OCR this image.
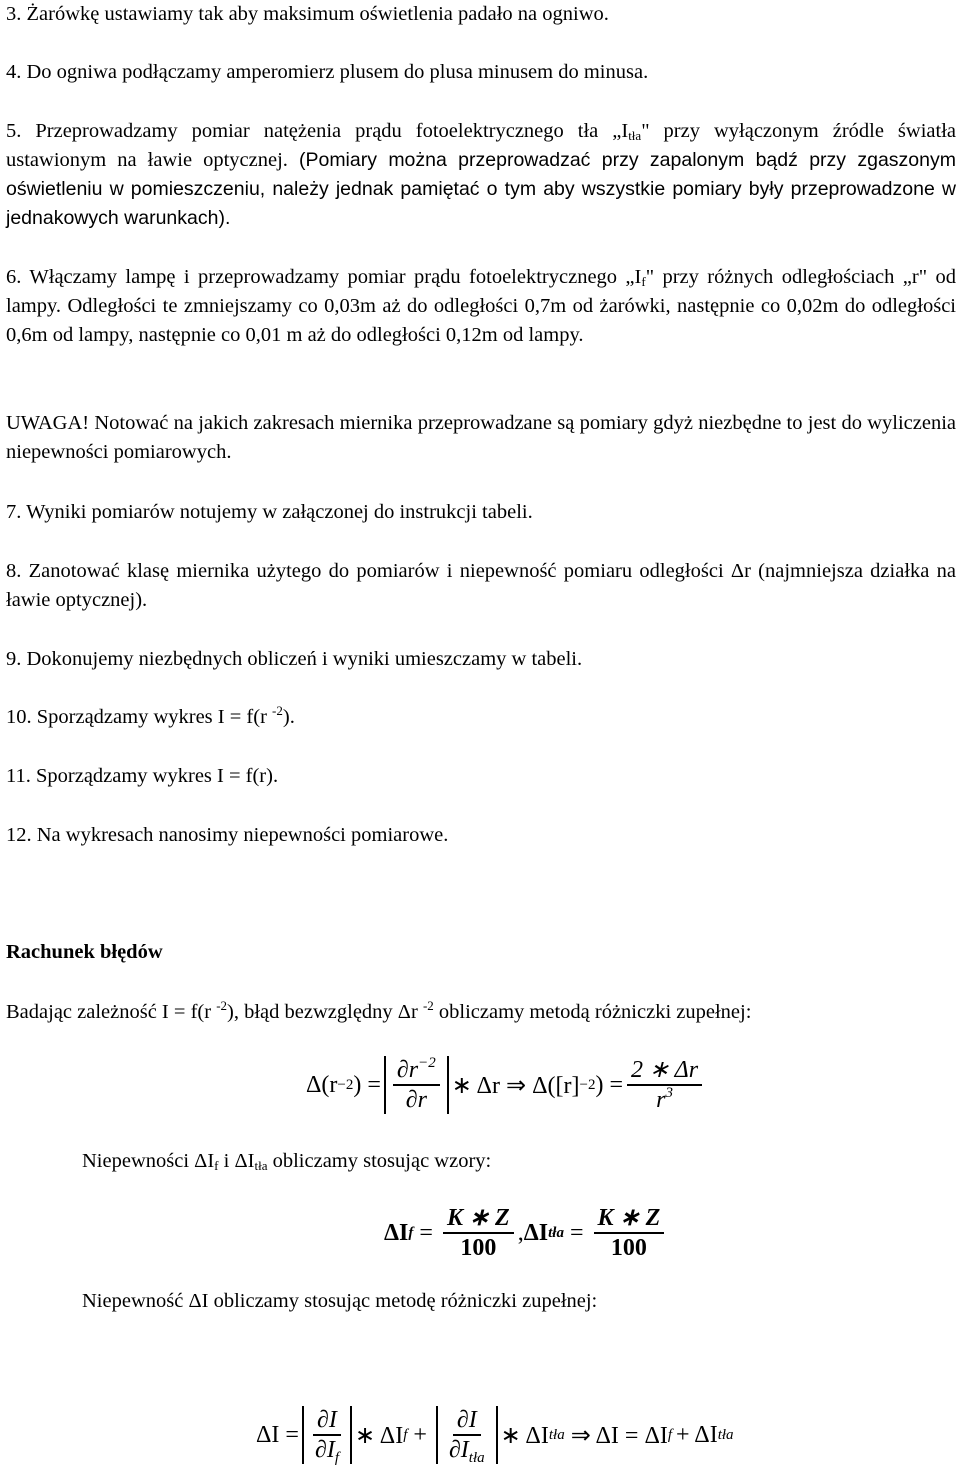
3. Żarówkę ustawiamy tak aby maksimum oświetlenia padało na ogniwo.

4. Do ogniwa podłączamy amperomierz plusem do plusa minusem do minusa.

5. Przeprowadzamy pomiar natężenia prądu fotoelektrycznego tła $„I_{tła}$" przy wyłączonym źródle światła ustawionym na ławie optycznej. (Pomiary można przeprowadzać przy zapalonym bądź przy zgaszonym oświetleniu w pomieszczeniu, należy jednak pamiętać o tym aby wszystkie pomiary były przeprowadzone w jednakowych warunkach).

6. Włączamy lampę i przeprowadzamy pomiar prądu fotoelektrycznego $„I_f$" przy różnych odległościach „r" od lampy. Odległości te zmniejszamy co 0,03m aż do odległości 0,7m od żarówki, następnie co 0,02m do odległości 0,6m od lampy, następnie co 0,01 m aż do odległości 0,12m od lampy.

UWAGA! Notować na jakich zakresach miernika przeprowadzane są pomiary gdyż niezbędne to jest do wyliczenia niepewności pomiarowych.

7. Wyniki pomiarów notujemy w załączonej do instrukcji tabeli.

8. Zanotować klasę miernika użytego do pomiarów i niepewność pomiaru odległości Δr (najmniejsza działka na ławie optycznej).

9. Dokonujemy niezbędnych obliczeń i wyniki umieszczamy w tabeli.

10. Sporządzamy wykres I = f(r $^{-2}$).

11. Sporządzamy wykres I = f(r).

12. Na wykresach nanosimy niepewności pomiarowe.

Rachunek błędów

Badając zależność I = f(r $^{-2}$), błąd bezwzględny Δr $^{-2}$ obliczamy metodą różniczki zupełnej:

Δ(r −2 ) = $\frac{\partial r^{-2}}{\partial r}$ ∗ Δr ⇒ Δ([r] −2 ) = $\frac{2 ∗ \Delta r}{r^3}$

Niepewności $\Delta I_f$ i $\Delta I_{tła}$ obliczamy stosując wzory:

ΔI $f = \frac{K ∗ Z}{100}$ , ΔI tła = $\frac{K ∗ Z}{100}$

Niepewność ΔI obliczamy stosując metodę różniczki zupełnej:

$\Delta I = \frac{\partial I}{\partial I_f}$ ∗ ΔI $f + \frac{\partial I}{\partial I_{tła}}$ ∗ ΔI tła ⇒ ΔI = ΔI f + ΔI tła
